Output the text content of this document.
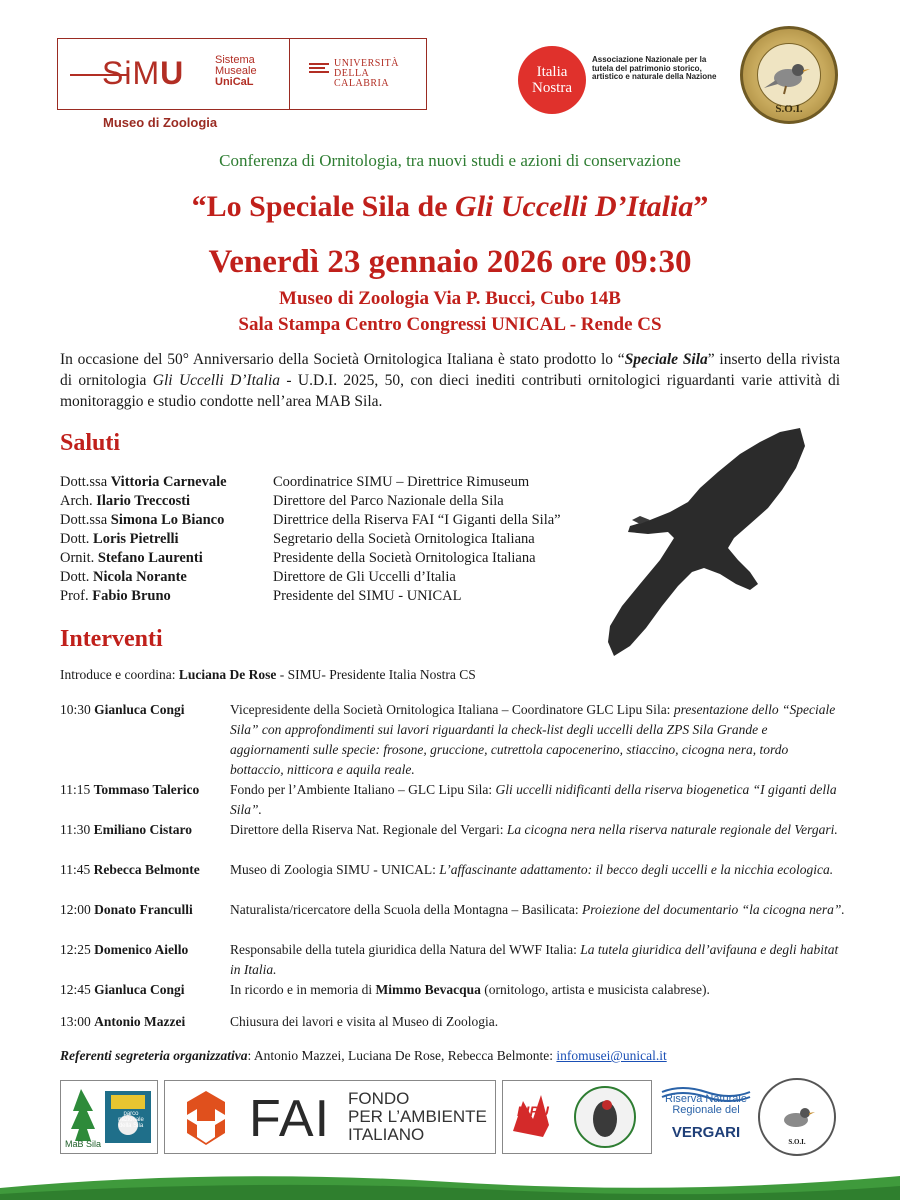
SiMU	Sistema
Museale
UniCaL
UNIVERSITÀ
DELLA
CALABRIA
Museo di Zoologia
Italia
Nostra
Associazione Nazionale per la tutela del patrimonio storico, artistico e naturale della Nazione
S.O.I.
Conferenza di Ornitologia, tra nuovi studi e azioni di conservazione
“Lo Speciale Sila de Gli Uccelli D’Italia”
Venerdì 23 gennaio 2026 ore 09:30
Museo di Zoologia Via P. Bucci, Cubo 14B
Sala Stampa Centro Congressi UNICAL - Rende CS
In occasione del 50° Anniversario della Società Ornitologica Italiana è stato prodotto lo “Speciale Sila” inserto della rivista di ornitologia Gli Uccelli D’Italia - U.D.I. 2025, 50, con dieci inediti contributi ornitologici riguardanti varie attività di monitoraggio e studio condotte nell’area MAB Sila.
Saluti
Dott.ssa Vittoria Carnevale	Coordinatrice SIMU – Direttrice Rimuseum
Arch. Ilario Treccosti	Direttore del Parco Nazionale della Sila
Dott.ssa Simona Lo Bianco	Direttrice della Riserva FAI “I Giganti della Sila”
Dott. Loris Pietrelli	Segretario della Società Ornitologica Italiana
Ornit. Stefano Laurenti	Presidente della Società Ornitologica Italiana
Dott. Nicola Norante	Direttore de Gli Uccelli d’Italia
Prof. Fabio Bruno	Presidente del SIMU - UNICAL
Interventi
Introduce e coordina: Luciana De Rose - SIMU- Presidente Italia Nostra CS
10:30 Gianluca Congi	Vicepresidente della Società Ornitologica Italiana – Coordinatore GLC Lipu Sila: presentazione dello “Speciale Sila” con approfondimenti sui lavori riguardanti la check-list degli uccelli della ZPS Sila Grande e aggiornamenti sulle specie: frosone, gruccione, cutrettola capocenerino, stiaccino, cicogna nera, tordo bottaccio, nitticora e aquila reale.
11:15 Tommaso Talerico	Fondo per l’Ambiente Italiano – GLC Lipu Sila: Gli uccelli nidificanti della riserva biogenetica “I giganti della Sila”.
11:30 Emiliano Cistaro	Direttore della Riserva Nat. Regionale del Vergari: La cicogna nera nella riserva naturale regionale del Vergari.
11:45 Rebecca Belmonte	Museo di Zoologia SIMU - UNICAL: L’affascinante adattamento: il becco degli uccelli e la nicchia ecologica.
12:00 Donato Franculli	Naturalista/ricercatore della Scuola della Montagna – Basilicata: Proiezione del documentario “la cicogna nera”.
12:25 Domenico Aiello	Responsabile della tutela giuridica della Natura del WWF Italia: La tutela giuridica dell’avifauna e degli habitat in Italia.
12:45 Gianluca Congi	In ricordo e in memoria di Mimmo Bevacqua (ornitologo, artista e musicista calabrese).
13:00 Antonio Mazzei	Chiusura dei lavori e visita al Museo di Zoologia.
Referenti segreteria organizzativa: Antonio Mazzei, Luciana De Rose, Rebecca Belmonte: infomusei@unical.it
MaB Sila
parco nazionale della Sila FAI FONDO
PER L’AMBIENTE
ITALIANO
LIPU
Riserva Naturale
Regionale del
VERGARI
S.O.I.
